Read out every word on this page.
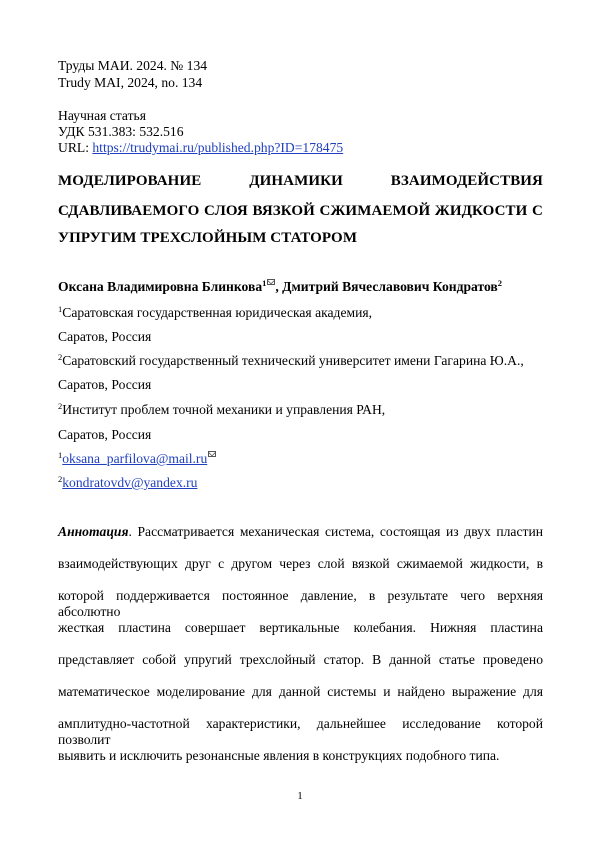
Труды МАИ. 2024. № 134
Trudy MAI, 2024, no. 134
Научная статья
УДК 531.383: 532.516
URL: https://trudymai.ru/published.php?ID=178475
МОДЕЛИРОВАНИЕ ДИНАМИКИ ВЗАИМОДЕЙСТВИЯ
СДАВЛИВАЕМОГО СЛОЯ ВЯЗКОЙ СЖИМАЕМОЙ ЖИДКОСТИ С
УПРУГИМ ТРЕХСЛОЙНЫМ СТАТОРОМ
Оксана Владимировна Блинкова$^1$ , Дмитрий Вячеславович Кондратов$^2$
$^1$Саратовская государственная юридическая академия,
Саратов, Россия
$^2$Саратовский государственный технический университет имени Гагарина Ю.А.,
Саратов, Россия
$^2$Институт проблем точной механики и управления РАН,
Саратов, Россия
$^1$oksana_parfilova@mail.ru
$^2$kondratovdv@yandex.ru
Аннотация. Рассматривается механическая система, состоящая из двух пластин
взаимодействующих друг с другом через слой вязкой сжимаемой жидкости, в
которой поддерживается постоянное давление, в результате чего верхняя абсолютно
жесткая пластина совершает вертикальные колебания. Нижняя пластина
представляет собой упругий трехслойный статор. В данной статье проведено
математическое моделирование для данной системы и найдено выражение для
амплитудно-частотной характеристики, дальнейшее исследование которой позволит
выявить и исключить резонансные явления в конструкциях подобного типа.
1
